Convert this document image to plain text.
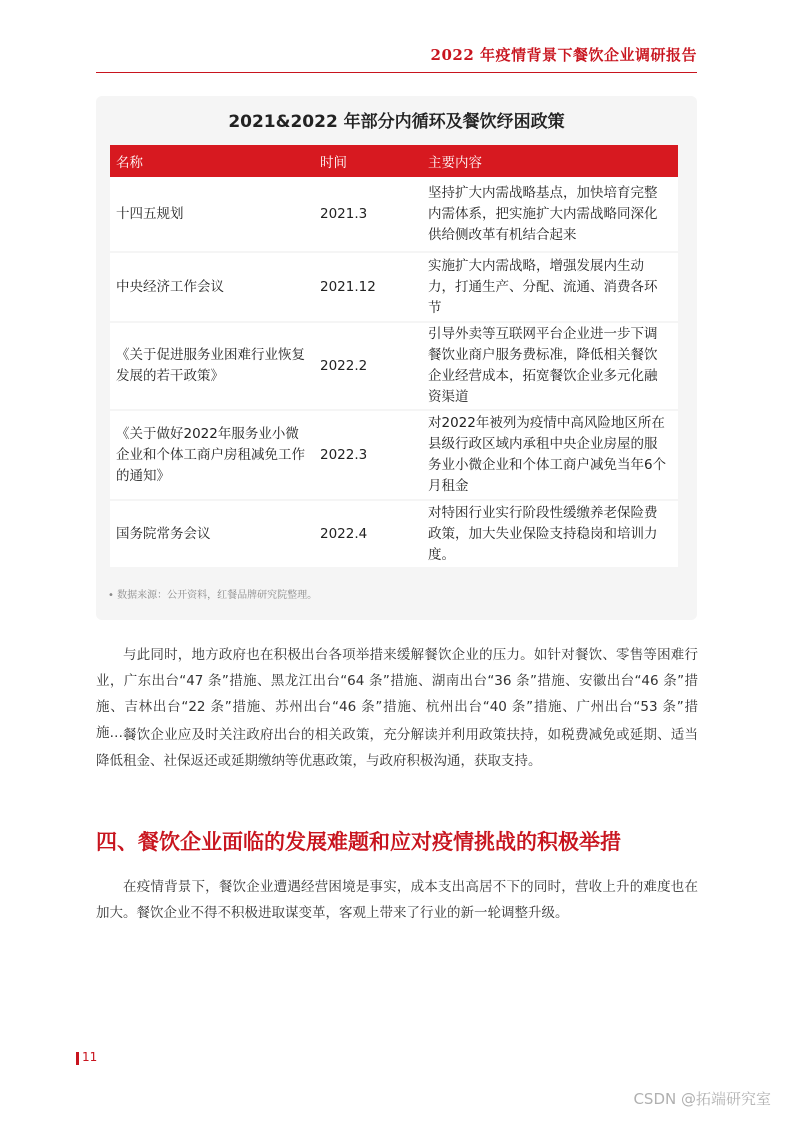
2022 年疫情背景下餐饮企业调研报告
2021&2022 年部分内循环及餐饮纾困政策
名称	时间	主要内容
十四五规划	2021.3	坚持扩大内需战略基点，加快培育完整内需体系，把实施扩大内需战略同深化供给侧改革有机结合起来
中央经济工作会议	2021.12	实施扩大内需战略，增强发展内生动力，打通生产、分配、流通、消费各环节
《关于促进服务业困难行业恢复发展的若干政策》	2022.2	引导外卖等互联网平台企业进一步下调餐饮业商户服务费标准，降低相关餐饮企业经营成本，拓宽餐饮企业多元化融资渠道
《关于做好2022年服务业小微企业和个体工商户房租减免工作的通知》	2022.3	对2022年被列为疫情中高风险地区所在县级行政区域内承租中央企业房屋的服务业小微企业和个体工商户减免当年6个月租金
国务院常务会议	2022.4	对特困行业实行阶段性缓缴养老保险费政策，加大失业保险支持稳岗和培训力度。
• 数据来源：公开资料，红餐品牌研究院整理。

与此同时，地方政府也在积极出台各项举措来缓解餐饮企业的压力。如针对餐饮、零售等困难行业，广东出台“47 条”措施、黑龙江出台“64 条”措施、湖南出台“36 条”措施、安徽出台“46 条”措施、吉林出台“22 条”措施、苏州出台“46 条”措施、杭州出台“40 条”措施、广州出台“53 条”措施……

餐饮企业应及时关注政府出台的相关政策，充分解读并利用政策扶持，如税费减免或延期、适当降低租金、社保返还或延期缴纳等优惠政策，与政府积极沟通，获取支持。

四、餐饮企业面临的发展难题和应对疫情挑战的积极举措

在疫情背景下，餐饮企业遭遇经营困境是事实，成本支出高居不下的同时，营收上升的难度也在加大。餐饮企业不得不积极进取谋变革，客观上带来了行业的新一轮调整升级。

11
CSDN @拓端研究室
